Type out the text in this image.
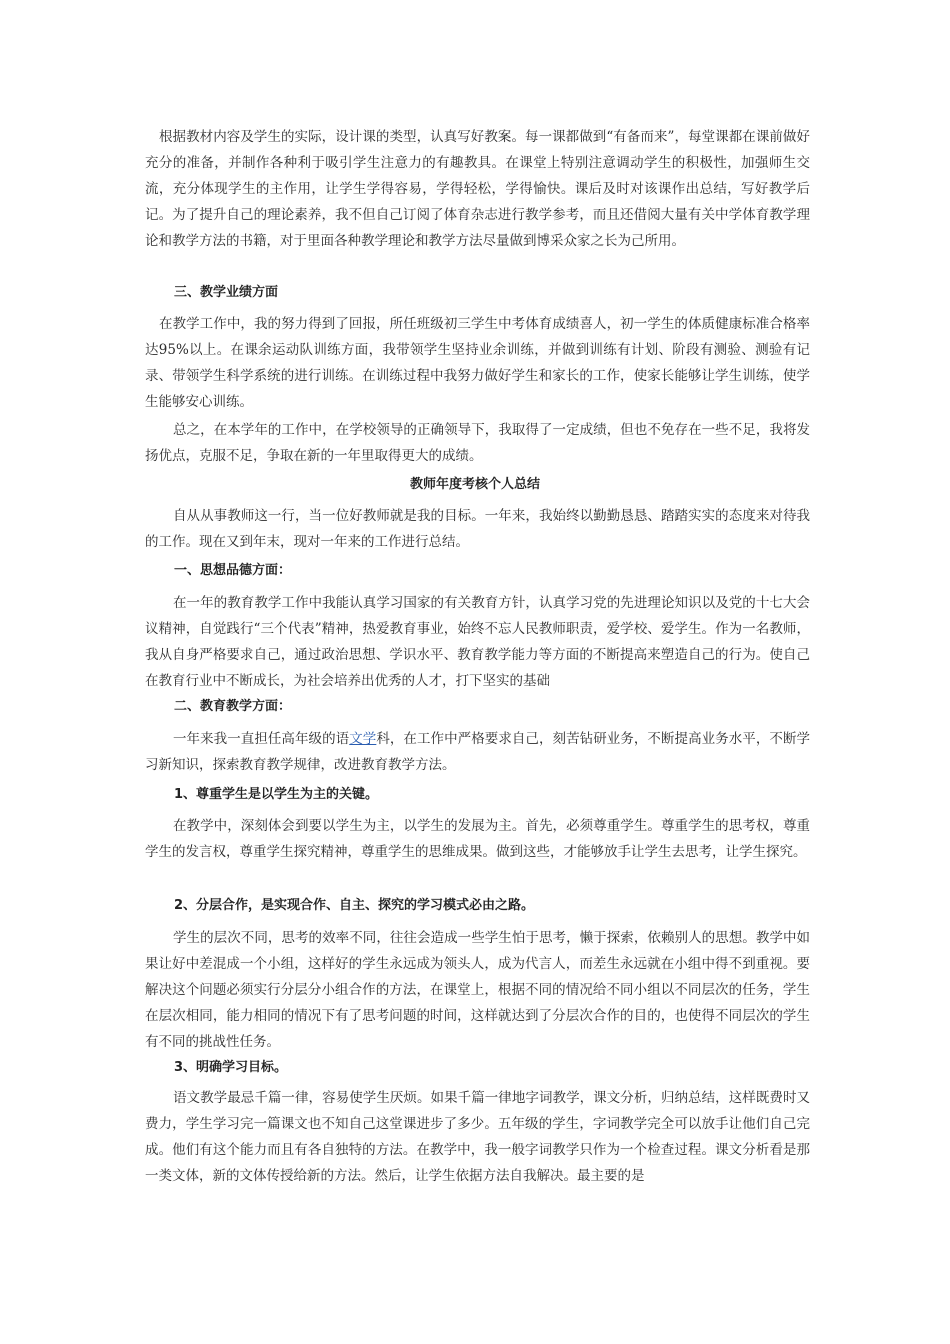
根据教材内容及学生的实际，设计课的类型，认真写好教案。每一课都做到“有备而来”，每堂课都在课前做好充分的准备，并制作各种利于吸引学生注意力的有趣教具。在课堂上特别注意调动学生的积极性，加强师生交流，充分体现学生的主作用，让学生学得容易，学得轻松，学得愉快。课后及时对该课作出总结，写好教学后记。为了提升自己的理论素养，我不但自己订阅了体育杂志进行教学参考，而且还借阅大量有关中学体育教学理论和教学方法的书籍，对于里面各种教学理论和教学方法尽量做到博采众家之长为己所用。

三、教学业绩方面

在教学工作中，我的努力得到了回报，所任班级初三学生中考体育成绩喜人，初一学生的体质健康标准合格率达95%以上。在课余运动队训练方面，我带领学生坚持业余训练，并做到训练有计划、阶段有测验、测验有记录、带领学生科学系统的进行训练。在训练过程中我努力做好学生和家长的工作，使家长能够让学生训练，使学生能够安心训练。

总之，在本学年的工作中，在学校领导的正确领导下，我取得了一定成绩，但也不免存在一些不足，我将发扬优点，克服不足，争取在新的一年里取得更大的成绩。

教师年度考核个人总结

自从从事教师这一行，当一位好教师就是我的目标。一年来，我始终以勤勤恳恳、踏踏实实的态度来对待我的工作。现在又到年末，现对一年来的工作进行总结。

一、思想品德方面：

在一年的教育教学工作中我能认真学习国家的有关教育方针，认真学习党的先进理论知识以及党的十七大会议精神，自觉践行“三个代表”精神，热爱教育事业，始终不忘人民教师职责，爱学校、爱学生。作为一名教师，我从自身严格要求自己，通过政治思想、学识水平、教育教学能力等方面的不断提高来塑造自己的行为。使自己在教育行业中不断成长，为社会培养出优秀的人才，打下坚实的基础

二、教育教学方面：

一年来我一直担任高年级的语文学科，在工作中严格要求自己，刻苦钻研业务，不断提高业务水平，不断学习新知识，探索教育教学规律，改进教育教学方法。

1、尊重学生是以学生为主的关键。

在教学中，深刻体会到要以学生为主，以学生的发展为主。首先，必须尊重学生。尊重学生的思考权，尊重学生的发言权，尊重学生探究精神，尊重学生的思维成果。做到这些，才能够放手让学生去思考，让学生探究。

2、分层合作，是实现合作、自主、探究的学习模式必由之路。

学生的层次不同，思考的效率不同，往往会造成一些学生怕于思考，懒于探索，依赖别人的思想。教学中如果让好中差混成一个小组，这样好的学生永远成为领头人，成为代言人，而差生永远就在小组中得不到重视。要解决这个问题必须实行分层分小组合作的方法，在课堂上，根据不同的情况给不同小组以不同层次的任务，学生在层次相同，能力相同的情况下有了思考问题的时间，这样就达到了分层次合作的目的，也使得不同层次的学生有不同的挑战性任务。

3、明确学习目标。

语文教学最忌千篇一律，容易使学生厌烦。如果千篇一律地字词教学，课文分析，归纳总结，这样既费时又费力，学生学习完一篇课文也不知自己这堂课进步了多少。五年级的学生，字词教学完全可以放手让他们自己完成。他们有这个能力而且有各自独特的方法。在教学中，我一般字词教学只作为一个检查过程。课文分析看是那一类文体，新的文体传授给新的方法。然后，让学生依据方法自我解决。最主要的是
